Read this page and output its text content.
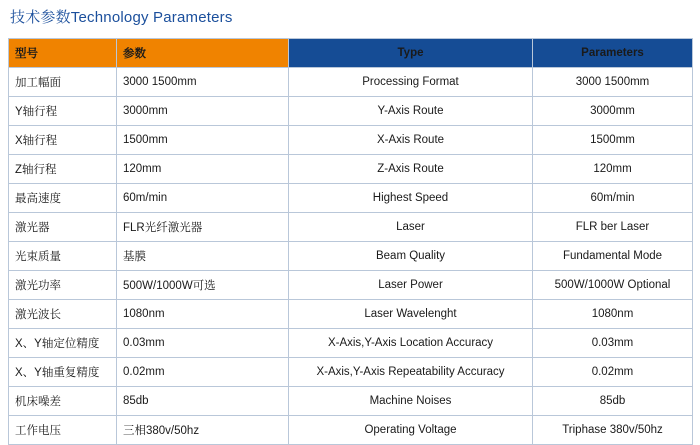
技术参数Technology Parameters
型号	参数	Type	Parameters
加工幅面	3000 1500mm	Processing Format	3000 1500mm
Y轴行程	3000mm	Y-Axis Route	3000mm
X轴行程	1500mm	X-Axis Route	1500mm
Z轴行程	120mm	Z-Axis Route	120mm
最高速度	60m/min	Highest Speed	60m/min
激光器	FLR光纤激光器	Laser	FLR ber Laser
光束质量	基膜	Beam Quality	Fundamental Mode
激光功率	500W/1000W可选	Laser Power	500W/1000W Optional
激光波长	1080nm	Laser Wavelenght	1080nm
X、Y轴定位精度	0.03mm	X-Axis,Y-Axis Location Accuracy	0.03mm
X、Y轴重复精度	0.02mm	X-Axis,Y-Axis Repeatability Accuracy	0.02mm
机床噪差	85db	Machine Noises	85db
工作电压	三相380v/50hz	Operating Voltage	Triphase 380v/50hz
